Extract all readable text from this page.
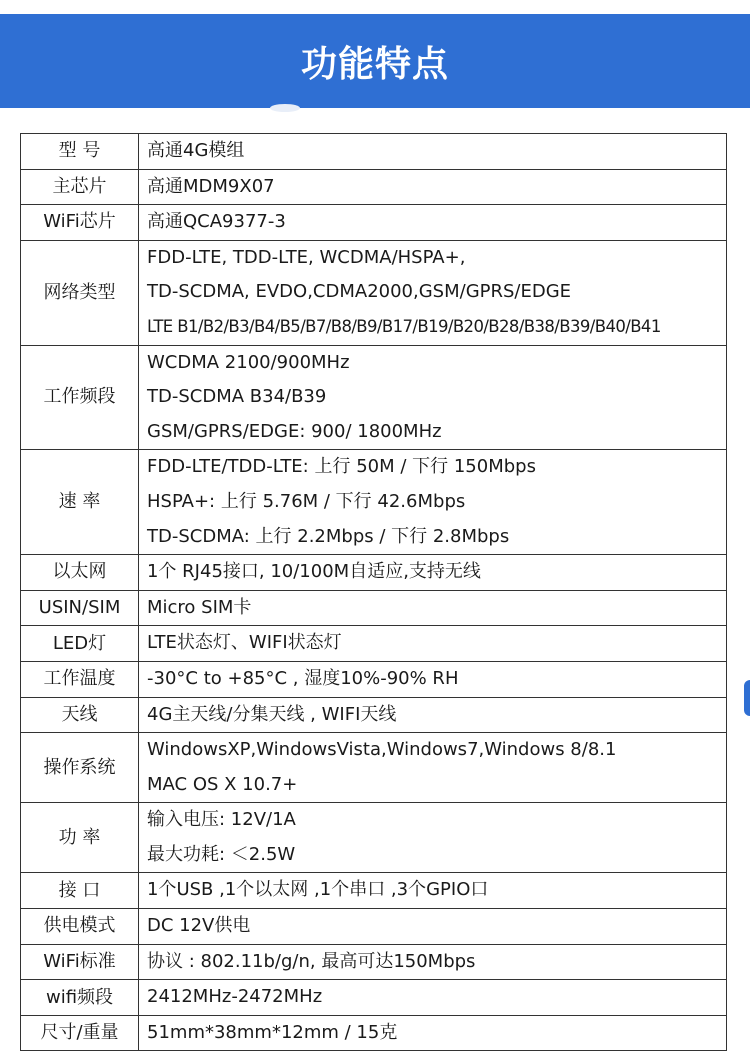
功能特点
型 号	高通4G模组

主芯片	高通MDM9X07

WiFi芯片	高通QCA9377-3

网络类型	FDD-LTE, TDD-LTE, WCDMA/HSPA+,
TD-SCDMA, EVDO,CDMA2000,GSM/GPRS/EDGE
LTE B1/B2/B3/B4/B5/B7/B8/B9/B17/B19/B20/B28/B38/B39/B40/B41

工作频段	WCDMA 2100/900MHz
TD-SCDMA B34/B39
GSM/GPRS/EDGE: 900/ 1800MHz

速 率	FDD-LTE/TDD-LTE: 上行 50M / 下行 150Mbps
HSPA+: 上行 5.76M / 下行 42.6Mbps
TD-SCDMA: 上行 2.2Mbps / 下行 2.8Mbps

以太网	1个 RJ45接口, 10/100M自适应,支持无线

USIN/SIM	Micro SIM卡

LED灯	LTE状态灯、WIFI状态灯

工作温度	-30°C to +85°C , 湿度10%-90% RH

天线	4G主天线/分集天线 , WIFI天线

操作系统	WindowsXP,WindowsVista,Windows7,Windows 8/8.1
MAC OS X 10.7+

功 率	输入电压: 12V/1A
最大功耗: ＜2.5W

接 口	1个USB ,1个以太网 ,1个串口 ,3个GPIO口

供电模式	DC 12V供电

WiFi标准	协议 : 802.11b/g/n, 最高可达150Mbps

wifi频段	2412MHz-2472MHz

尺寸/重量	51mm*38mm*12mm / 15克
